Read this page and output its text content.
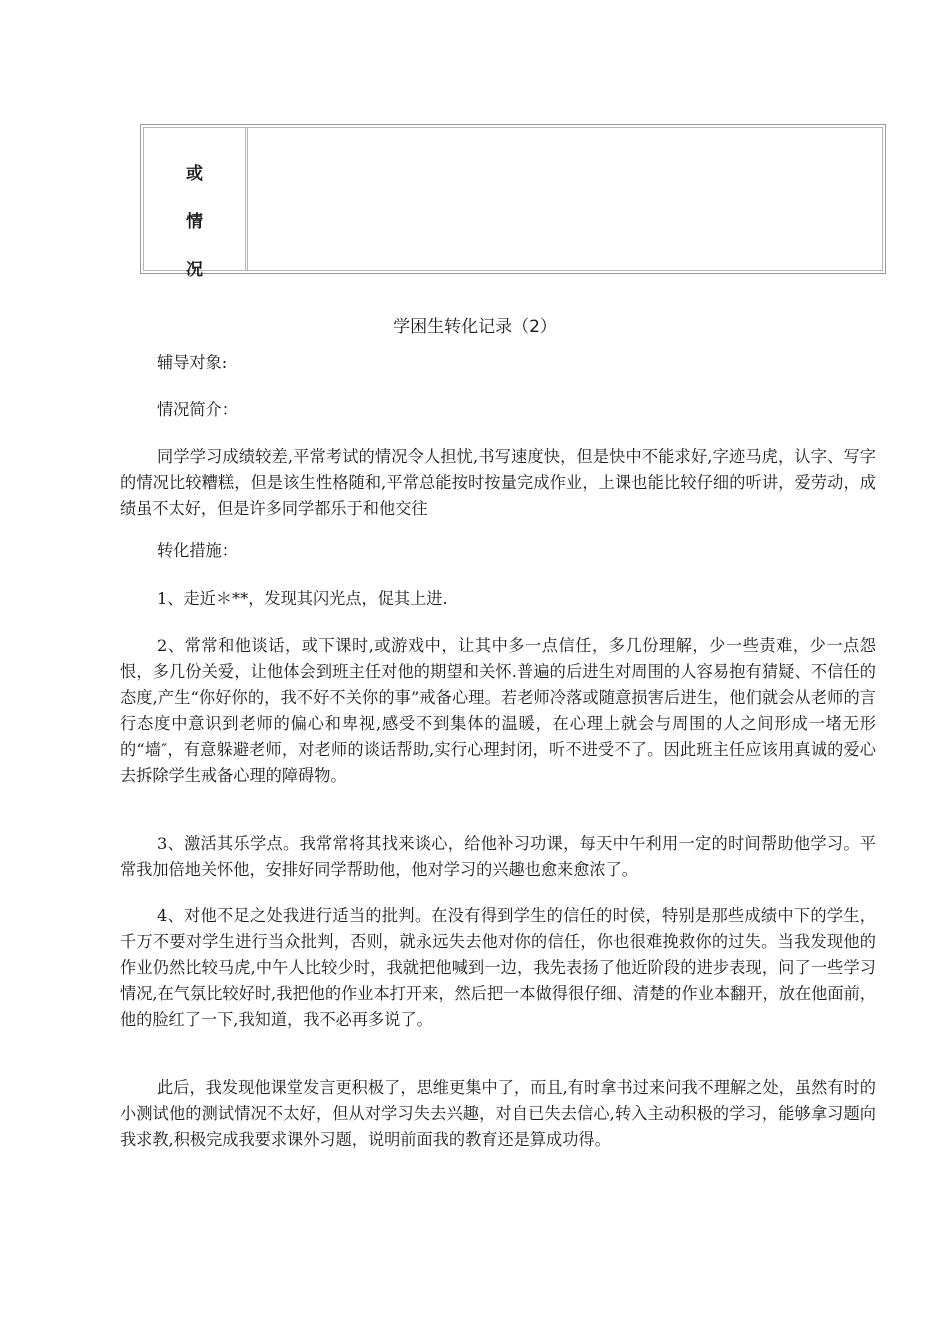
或
情
况
学困生转化记录（2）

辅导对象:

情况简介：

同学学习成绩较差,平常考试的情况令人担忧,书写速度快，但是快中不能求好,字迹马虎，认字、写字的情况比较糟糕，但是该生性格随和,平常总能按时按量完成作业，上课也能比较仔细的听讲，爱劳动，成绩虽不太好，但是许多同学都乐于和他交往

转化措施：

1、走近＊**，发现其闪光点，促其上进.

2、常常和他谈话，或下课时,或游戏中，让其中多一点信任，多几份理解，少一些责难，少一点怨恨，多几份关爱，让他体会到班主任对他的期望和关怀.普遍的后进生对周围的人容易抱有猜疑、不信任的态度,产生“你好你的，我不好不关你的事”戒备心理。若老师冷落或随意损害后进生，他们就会从老师的言行态度中意识到老师的偏心和卑视,感受不到集体的温暖，在心理上就会与周围的人之间形成一堵无形的“墙″，有意躲避老师，对老师的谈话帮助,实行心理封闭，听不进受不了。因此班主任应该用真诚的爱心去拆除学生戒备心理的障碍物。

3、激活其乐学点。我常常将其找来谈心，给他补习功课，每天中午利用一定的时间帮助他学习。平常我加倍地关怀他，安排好同学帮助他，他对学习的兴趣也愈来愈浓了。

4、对他不足之处我进行适当的批判。在没有得到学生的信任的时侯，特别是那些成绩中下的学生，千万不要对学生进行当众批判，否则，就永远失去他对你的信任，你也很难挽救你的过失。当我发现他的作业仍然比较马虎,中午人比较少时，我就把他喊到一边，我先表扬了他近阶段的进步表现，问了一些学习情况,在气氛比较好时,我把他的作业本打开来，然后把一本做得很仔细、清楚的作业本翻开，放在他面前，他的脸红了一下,我知道，我不必再多说了。

此后，我发现他课堂发言更积极了，思维更集中了，而且,有时拿书过来问我不理解之处，虽然有时的小测试他的测试情况不太好，但从对学习失去兴趣，对自已失去信心,转入主动积极的学习，能够拿习题向我求教,积极完成我要求课外习题，说明前面我的教育还是算成功得。
